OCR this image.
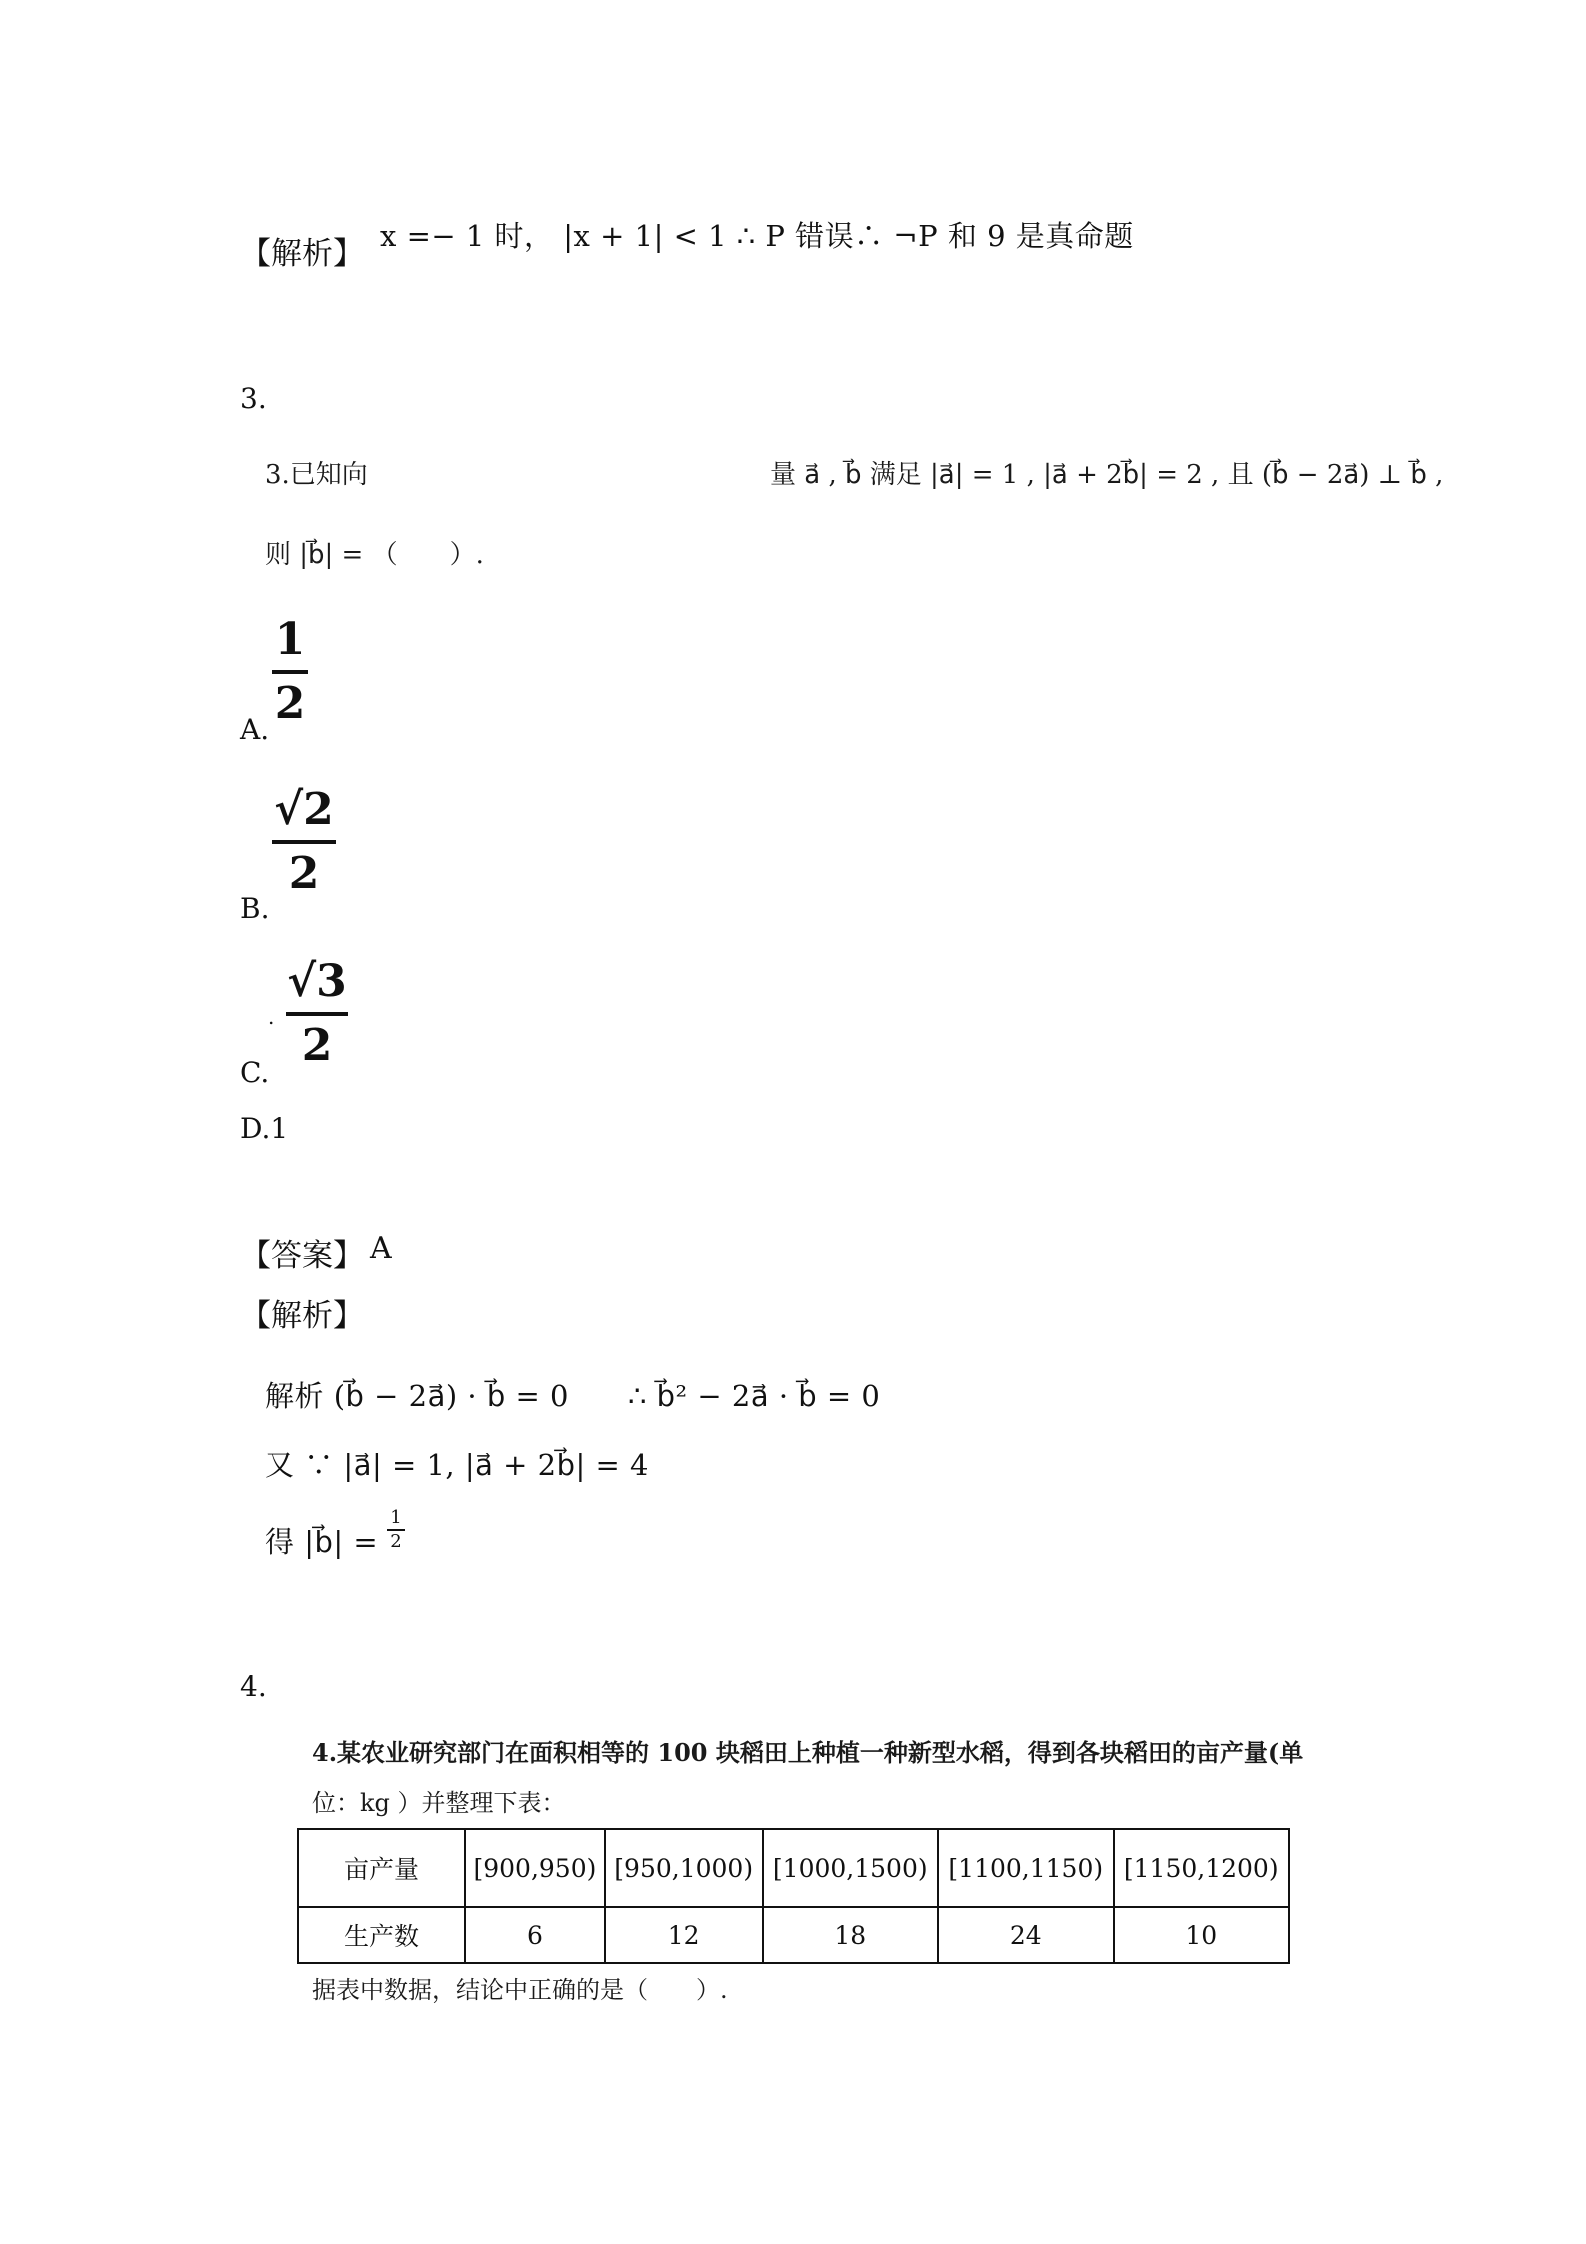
【解析】 x =− 1 时， |x + 1| < 1 ∴ P 错误∴ ¬P 和 9 是真命题
3.
3.已知向	量 a⃗ , b⃗ 满足 |a⃗| = 1 , |a⃗ + 2b⃗| = 2 , 且 (b⃗ − 2a⃗) ⊥ b⃗ ,
则 |b⃗| = （　　）.
1
2
A.
√2
2
B.
.
√3
2
C.
D.1
【答案】 A
【解析】
解析 (b⃗ − 2a⃗) · b⃗ = 0　　∴ b⃗² − 2a⃗ · b⃗ = 0
又 ∵ |a⃗| = 1, |a⃗ + 2b⃗| = 4
得 |b⃗| =
1
2
4.
4.某农业研究部门在面积相等的 100 块稻田上种植一种新型水稻，得到各块稻田的亩产量(单
位：kg ）并整理下表：
亩产量	[900,950)	[950,1000)	[1000,1500)	[1100,1150)	[1150,1200)
生产数	6	12	18	24	10
据表中数据，结论中正确的是（　　）.
